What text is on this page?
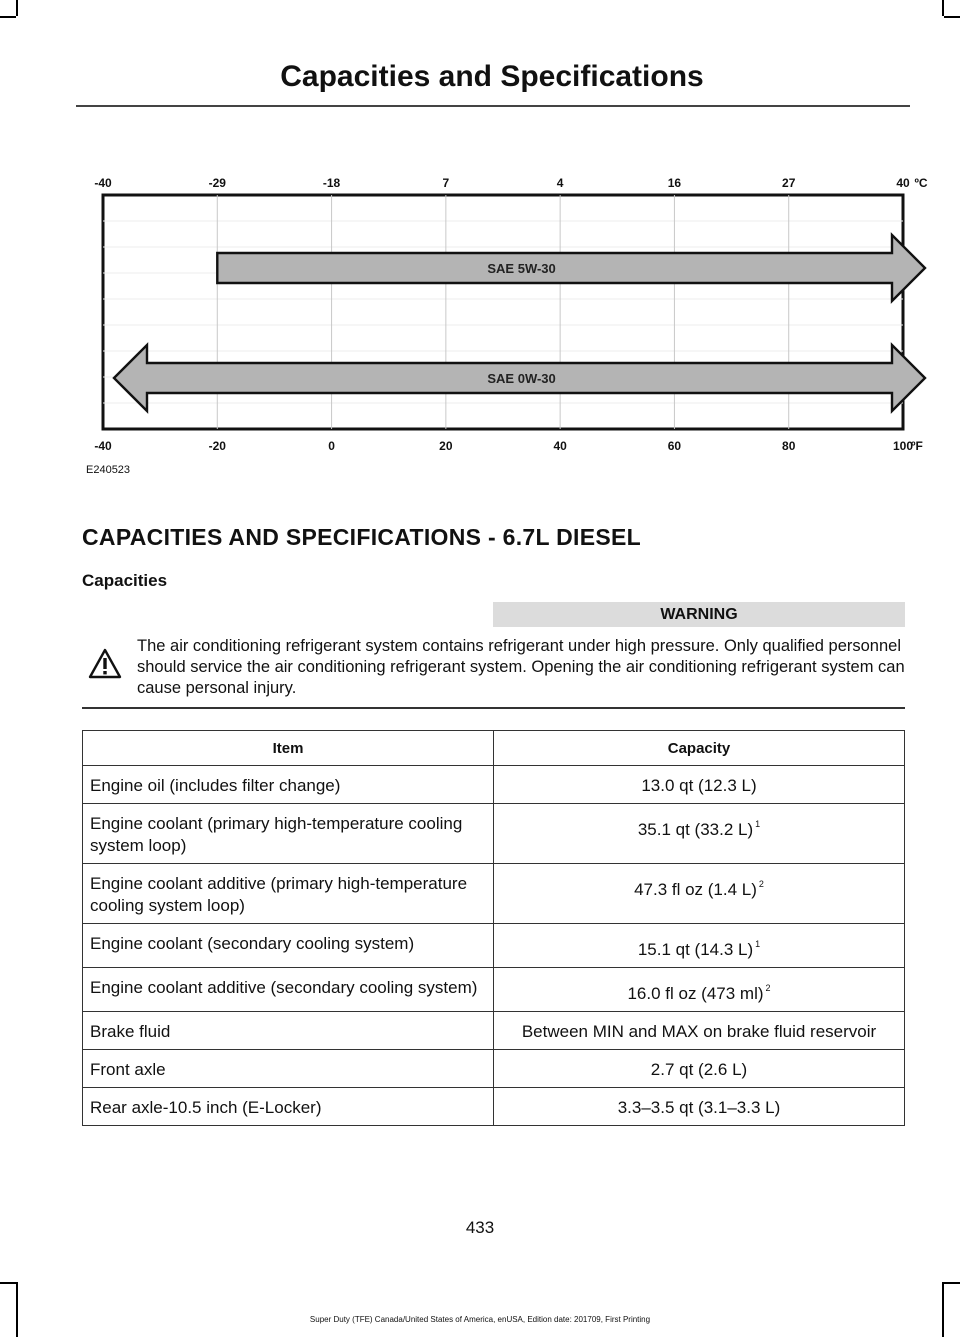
Capacities and Specifications
SAE 5W-30
SAE 0W-30
-40	-29	-18	7	4	16	27	40
-40	-20	0	20	40	60	80	100
ºC
ºF
E240523
CAPACITIES AND SPECIFICATIONS - 6.7L DIESEL
Capacities
WARNING
The air conditioning refrigerant system contains refrigerant under high pressure. Only qualified personnel should service the air conditioning refrigerant system. Opening the air conditioning refrigerant system can cause personal injury.
Item	Capacity
Engine oil (includes filter change)	13.0 qt (12.3 L)
Engine coolant (primary high-temperature cooling system loop)	35.1 qt (33.2 L) $^1$
Engine coolant additive (primary high-temperature cooling system loop)	47.3 fl oz (1.4 L) $^2$
Engine coolant (secondary cooling system)	15.1 qt (14.3 L) $^1$
Engine coolant additive (secondary cooling system)	16.0 fl oz (473 ml) $^2$
Brake fluid	Between MIN and MAX on brake fluid reservoir
Front axle	2.7 qt (2.6 L)
Rear axle-10.5 inch (E-Locker)	3.3–3.5 qt (3.1–3.3 L)
433
Super Duty (TFE) Canada/United States of America, enUSA, Edition date: 201709, First Printing
